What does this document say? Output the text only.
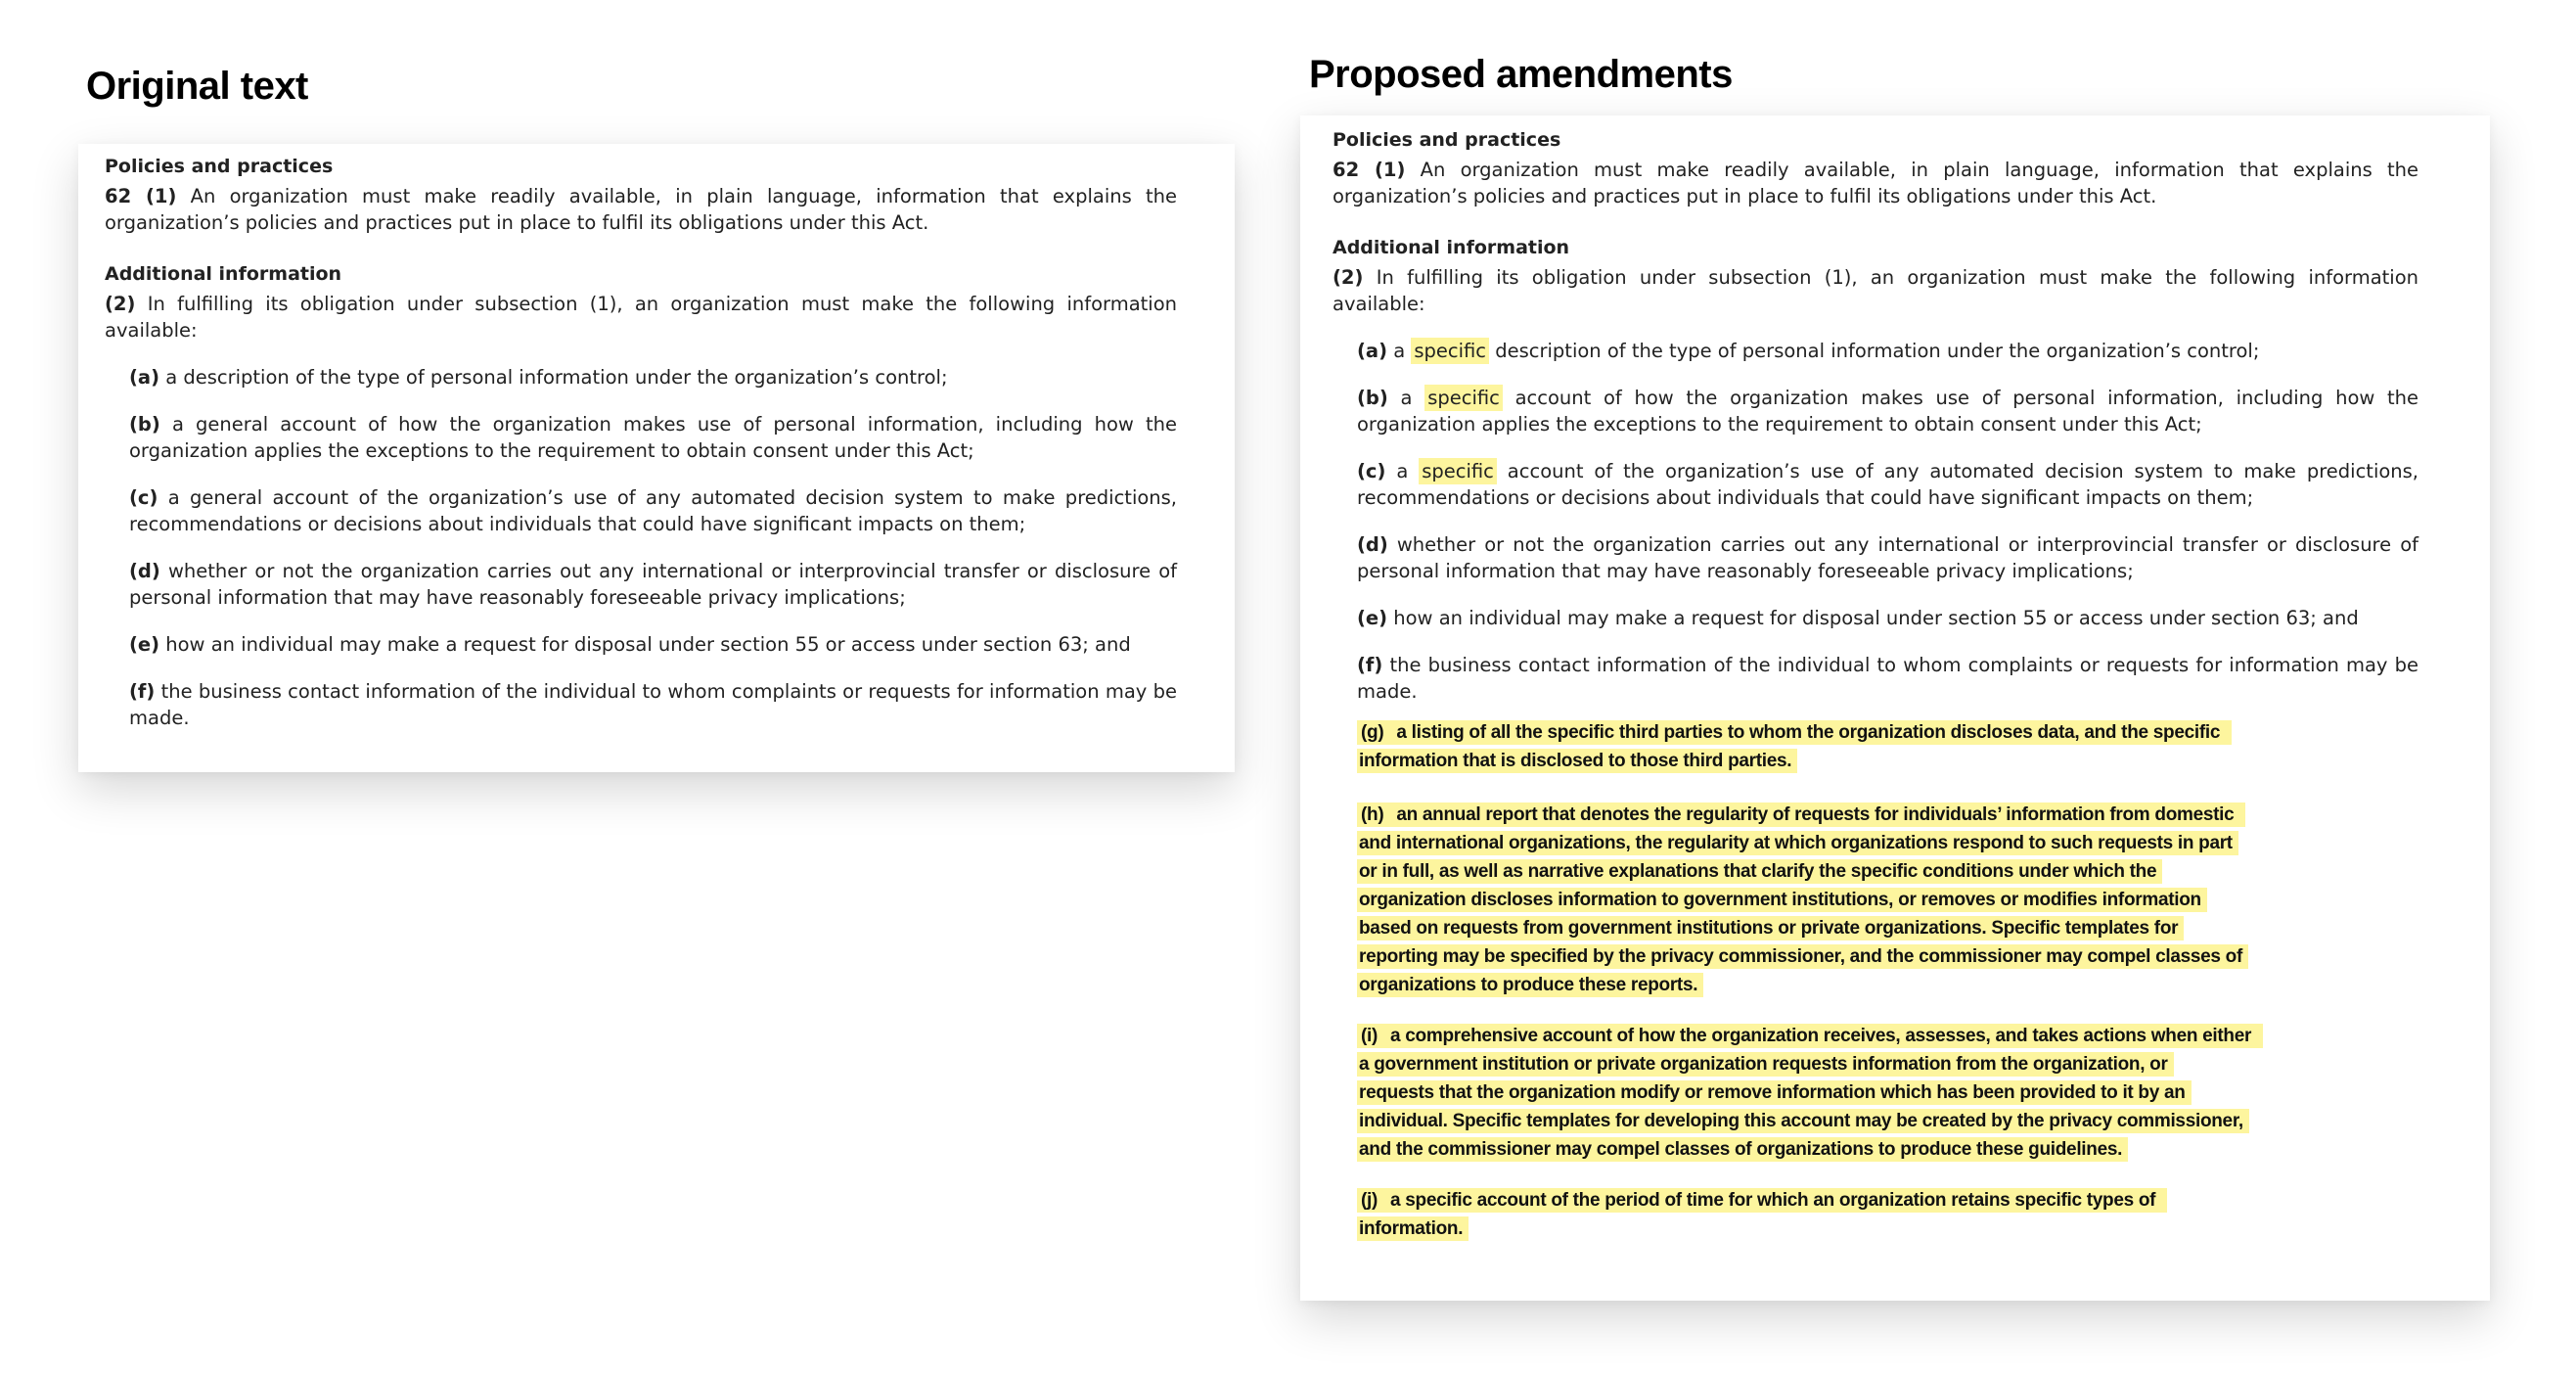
Original text
Policies and practices

62 (1) An organization must make readily available, in plain language, information that explains the organization’s policies and practices put in place to fulfil its obligations under this Act.

Additional information

(2) In fulfilling its obligation under subsection (1), an organization must make the following information available:

(a) a description of the type of personal information under the organization’s control;
(b) a general account of how the organization makes use of personal information, including how the organization applies the exceptions to the requirement to obtain consent under this Act;
(c) a general account of the organization’s use of any automated decision system to make predictions, recommendations or decisions about individuals that could have significant impacts on them;
(d) whether or not the organization carries out any international or interprovincial transfer or disclosure of personal information that may have reasonably foreseeable privacy implications;
(e) how an individual may make a request for disposal under section 55 or access under section 63; and
(f) the business contact information of the individual to whom complaints or requests for information may be made.
Proposed amendments
Policies and practices

62 (1) An organization must make readily available, in plain language, information that explains the organization’s policies and practices put in place to fulfil its obligations under this Act.

Additional information

(2) In fulfilling its obligation under subsection (1), an organization must make the following information available:

(a) a specific description of the type of personal information under the organization’s control;
(b) a specific account of how the organization makes use of personal information, including how the organization applies the exceptions to the requirement to obtain consent under this Act;
(c) a specific account of the organization’s use of any automated decision system to make predictions, recommendations or decisions about individuals that could have significant impacts on them;
(d) whether or not the organization carries out any international or interprovincial transfer or disclosure of personal information that may have reasonably foreseeable privacy implications;
(e) how an individual may make a request for disposal under section 55 or access under section 63; and
(f) the business contact information of the individual to whom complaints or requests for information may be made.
(g) a listing of all the specific third parties to whom the organization discloses data, and the specific
information that is disclosed to those third parties.
(h) an annual report that denotes the regularity of requests for individuals’ information from domestic
and international organizations, the regularity at which organizations respond to such requests in part
or in full, as well as narrative explanations that clarify the specific conditions under which the
organization discloses information to government institutions, or removes or modifies information
based on requests from government institutions or private organizations. Specific templates for
reporting may be specified by the privacy commissioner, and the commissioner may compel classes of
organizations to produce these reports.
(i) a comprehensive account of how the organization receives, assesses, and takes actions when either
a government institution or private organization requests information from the organization, or
requests that the organization modify or remove information which has been provided to it by an
individual. Specific templates for developing this account may be created by the privacy commissioner,
and the commissioner may compel classes of organizations to produce these guidelines.
(j) a specific account of the period of time for which an organization retains specific types of
information.
